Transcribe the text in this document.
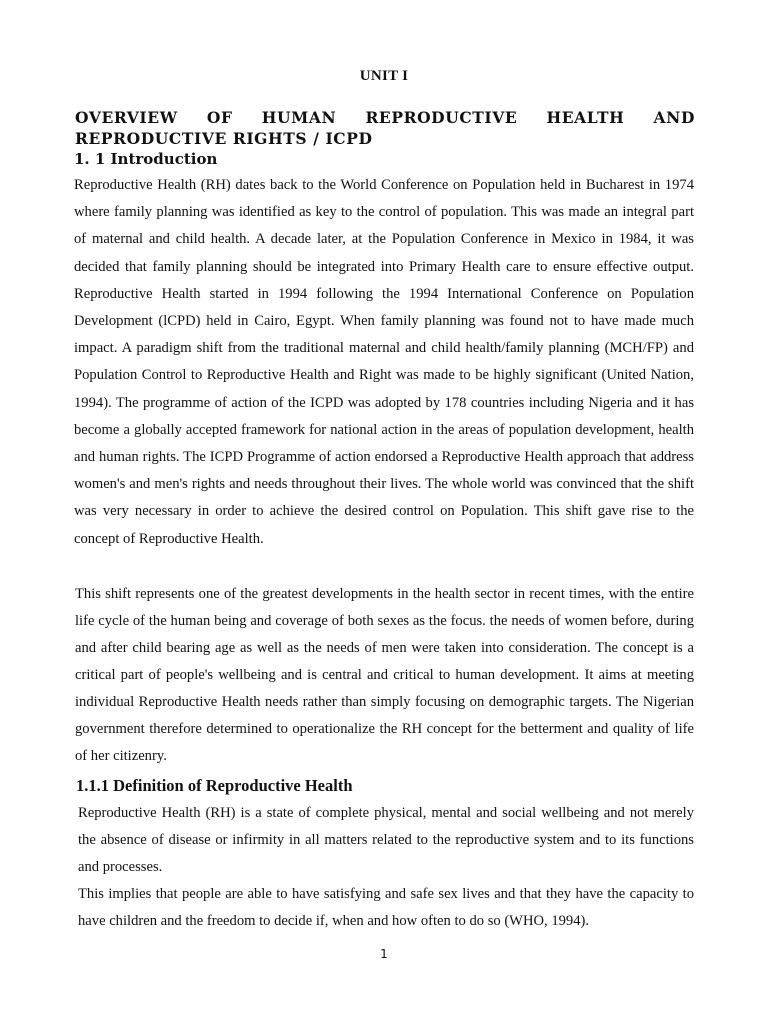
UNIT I
OVERVIEW OF HUMAN REPRODUCTIVE HEALTH AND REPRODUCTIVE RIGHTS / ICPD
1. 1 Introduction

Reproductive Health (RH) dates back to the World Conference on Population held in Bucharest in 1974 where family planning was identified as key to the control of population. This was made an integral part of maternal and child health. A decade later, at the Population Conference in Mexico in 1984, it was decided that family planning should be integrated into Primary Health care to ensure effective output. Reproductive Health started in 1994 following the 1994 International Conference on Population Development (lCPD) held in Cairo, Egypt. When family planning was found not to have made much impact. A paradigm shift from the traditional maternal and child health/family planning (MCH/FP) and Population Control to Reproductive Health and Right was made to be highly significant (United Nation, 1994). The programme of action of the ICPD was adopted by 178 countries including Nigeria and it has become a globally accepted framework for national action in the areas of population development, health and human rights. The ICPD Programme of action endorsed a Reproductive Health approach that address women's and men's rights and needs throughout their lives. The whole world was convinced that the shift was very necessary in order to achieve the desired control on Population. This shift gave rise to the concept of Reproductive Health.

This shift represents one of the greatest developments in the health sector in recent times, with the entire life cycle of the human being and coverage of both sexes as the focus. the needs of women before, during and after child bearing age as well as the needs of men were taken into consideration. The concept is a critical part of people's wellbeing and is central and critical to human development. It aims at meeting individual Reproductive Health needs rather than simply focusing on demographic targets. The Nigerian government therefore determined to operationalize the RH concept for the betterment and quality of life of her citizenry.

1.1.1 Definition of Reproductive Health

Reproductive Health (RH) is a state of complete physical, mental and social wellbeing and not merely the absence of disease or infirmity in all matters related to the reproductive system and to its functions and processes.

This implies that people are able to have satisfying and safe sex lives and that they have the capacity to have children and the freedom to decide if, when and how often to do so (WHO, 1994).

1
